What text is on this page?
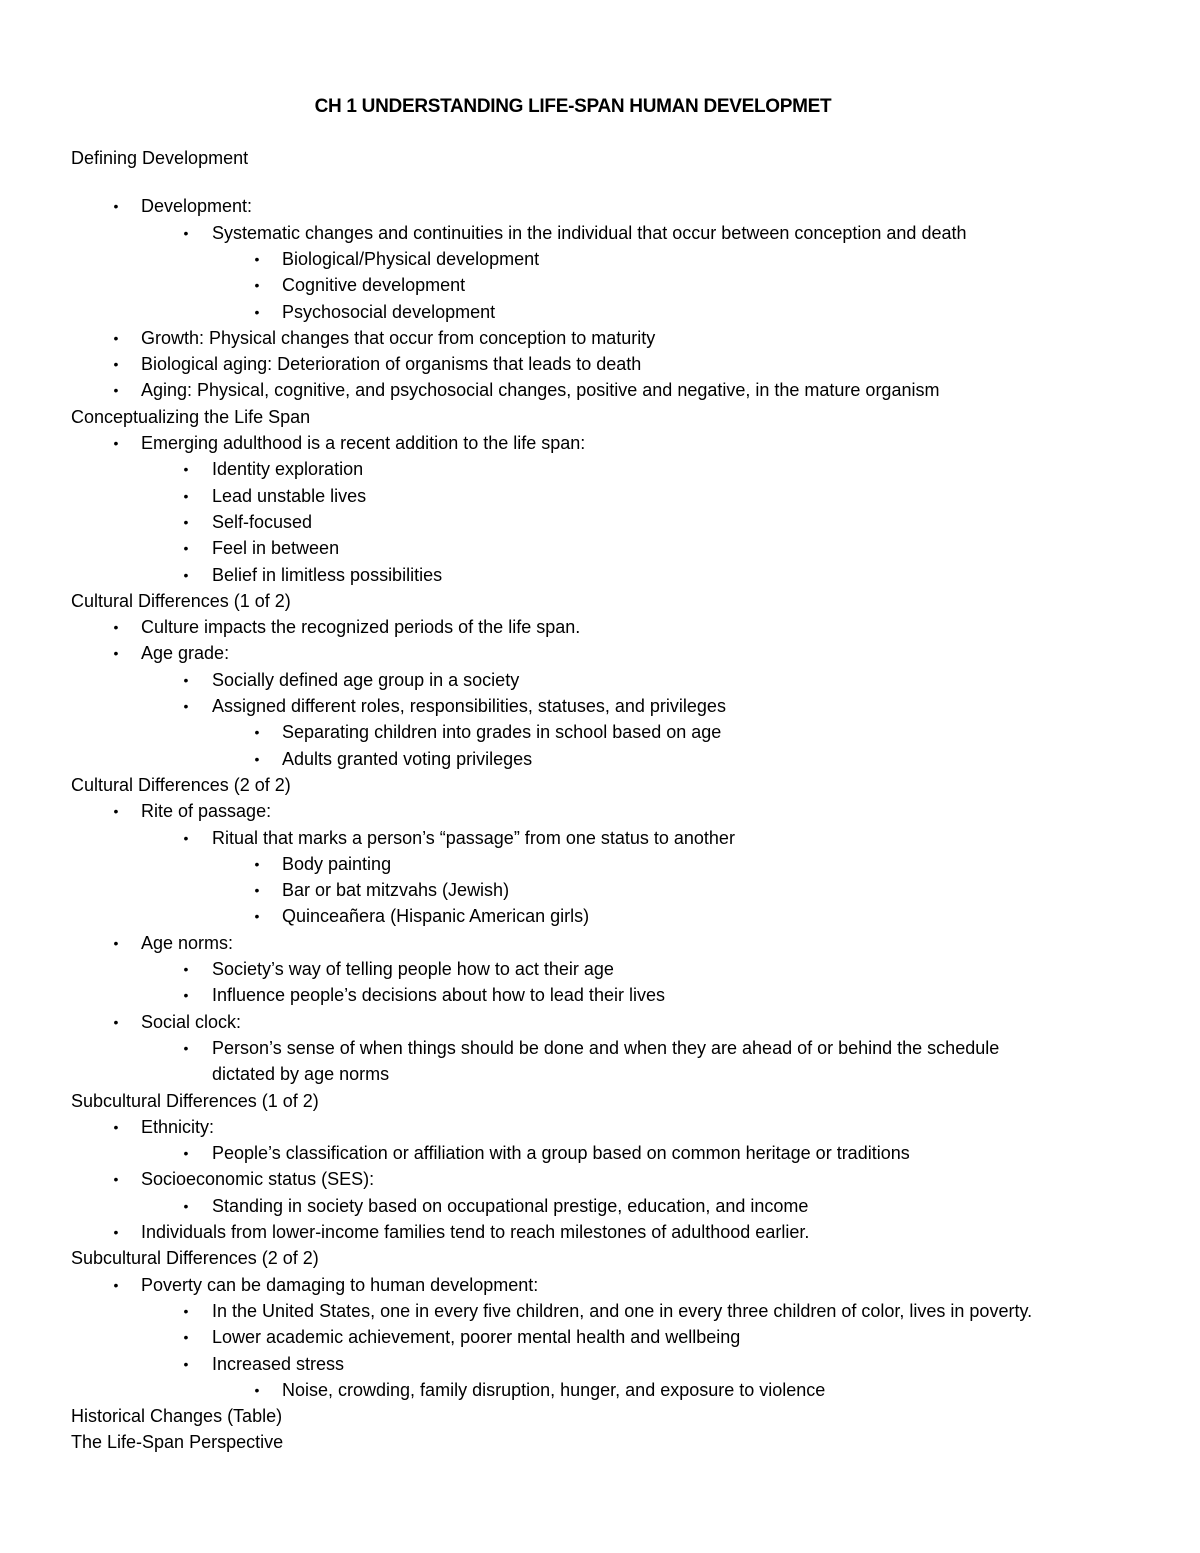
CH 1 UNDERSTANDING LIFE-SPAN HUMAN DEVELOPMET
Defining Development
• Development:
• Systematic changes and continuities in the individual that occur between conception and death
• Biological/Physical development
• Cognitive development
• Psychosocial development
• Growth: Physical changes that occur from conception to maturity
• Biological aging: Deterioration of organisms that leads to death
• Aging: Physical, cognitive, and psychosocial changes, positive and negative, in the mature organism
Conceptualizing the Life Span
• Emerging adulthood is a recent addition to the life span:
• Identity exploration
• Lead unstable lives
• Self-focused
• Feel in between
• Belief in limitless possibilities
Cultural Differences (1 of 2)
• Culture impacts the recognized periods of the life span.
• Age grade:
• Socially defined age group in a society
• Assigned different roles, responsibilities, statuses, and privileges
• Separating children into grades in school based on age
• Adults granted voting privileges
Cultural Differences (2 of 2)
• Rite of passage:
• Ritual that marks a person’s “passage” from one status to another
• Body painting
• Bar or bat mitzvahs (Jewish)
• Quinceañera (Hispanic American girls)
• Age norms:
• Society’s way of telling people how to act their age
• Influence people’s decisions about how to lead their lives
• Social clock:
• Person’s sense of when things should be done and when they are ahead of or behind the schedule
dictated by age norms
Subcultural Differences (1 of 2)
• Ethnicity:
• People’s classification or affiliation with a group based on common heritage or traditions
• Socioeconomic status (SES):
• Standing in society based on occupational prestige, education, and income
• Individuals from lower-income families tend to reach milestones of adulthood earlier.
Subcultural Differences (2 of 2)
• Poverty can be damaging to human development:
• In the United States, one in every five children, and one in every three children of color, lives in poverty.
• Lower academic achievement, poorer mental health and wellbeing
• Increased stress
• Noise, crowding, family disruption, hunger, and exposure to violence
Historical Changes (Table)
The Life-Span Perspective
